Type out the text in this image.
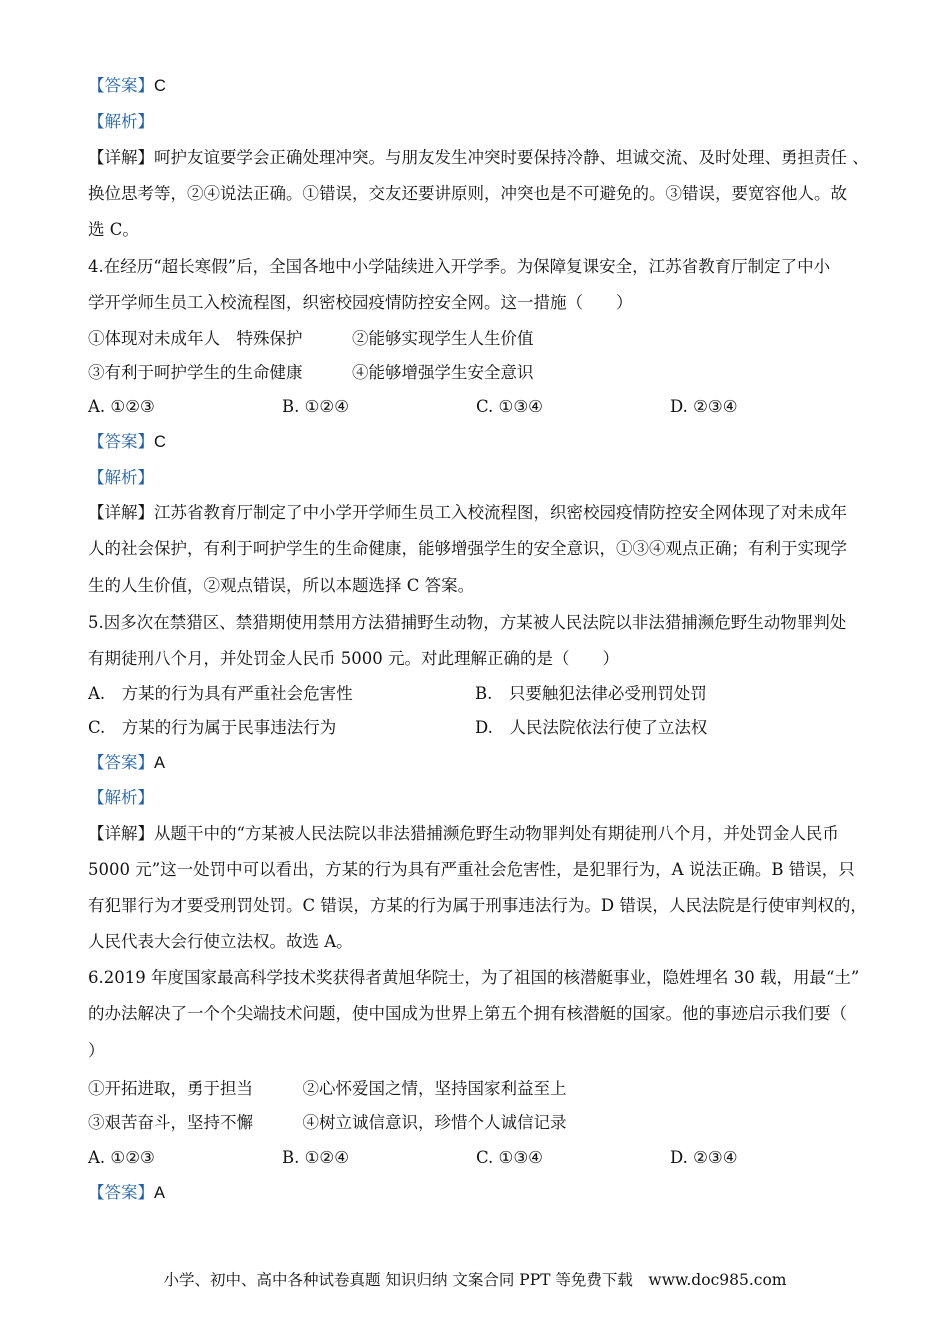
【答案】C
【解析】
【详解】呵护友谊要学会正确处理冲突。与朋友发生冲突时要保持冷静、坦诚交流、及时处理、勇担责任 、
换位思考等，②④说法正确。①错误，交友还要讲原则，冲突也是不可避免的。③错误，要宽容他人。故
选 C。
4.在经历“超长寒假”后，全国各地中小学陆续进入开学季。为保障复课安全，江苏省教育厅制定了中小
学开学师生员工入校流程图，织密校园疫情防控安全网。这一措施（　　）
①体现对未成年人　特殊保护　　　②能够实现学生人生价值
③有利于呵护学生的生命健康　　　④能够增强学生安全意识
A. ①②③	B. ①②④	C. ①③④	D. ②③④
【答案】C
【解析】
【详解】江苏省教育厅制定了中小学开学师生员工入校流程图，织密校园疫情防控安全网体现了对未成年
人的社会保护，有利于呵护学生的生命健康，能够增强学生的安全意识，①③④观点正确；有利于实现学
生的人生价值，②观点错误，所以本题选择 C 答案。
5.因多次在禁猎区、禁猎期使用禁用方法猎捕野生动物，方某被人民法院以非法猎捕濒危野生动物罪判处
有期徒刑八个月，并处罚金人民币 5000 元。对此理解正确的是（　　）
A.　方某的行为具有严重社会危害性	B.　只要触犯法律必受刑罚处罚
C.　方某的行为属于民事违法行为	D.　人民法院依法行使了立法权
【答案】A
【解析】
【详解】从题干中的“方某被人民法院以非法猎捕濒危野生动物罪判处有期徒刑八个月，并处罚金人民币
5000 元”这一处罚中可以看出，方某的行为具有严重社会危害性，是犯罪行为，A 说法正确。B 错误，只
有犯罪行为才要受刑罚处罚。C 错误，方某的行为属于刑事违法行为。D 错误，人民法院是行使审判权的，
人民代表大会行使立法权。故选 A。
6.2019 年度国家最高科学技术奖获得者黄旭华院士，为了祖国的核潜艇事业，隐姓埋名 30 载，用最“土”
的办法解决了一个个尖端技术问题，使中国成为世界上第五个拥有核潜艇的国家。他的事迹启示我们要（
）
①开拓进取，勇于担当　　　②心怀爱国之情，坚持国家利益至上
③艰苦奋斗，坚持不懈　　　④树立诚信意识，珍惜个人诚信记录
A. ①②③	B. ①②④	C. ①③④	D. ②③④
【答案】A
小学、初中、高中各种试卷真题 知识归纳 文案合同 PPT 等免费下载　www.doc985.com
